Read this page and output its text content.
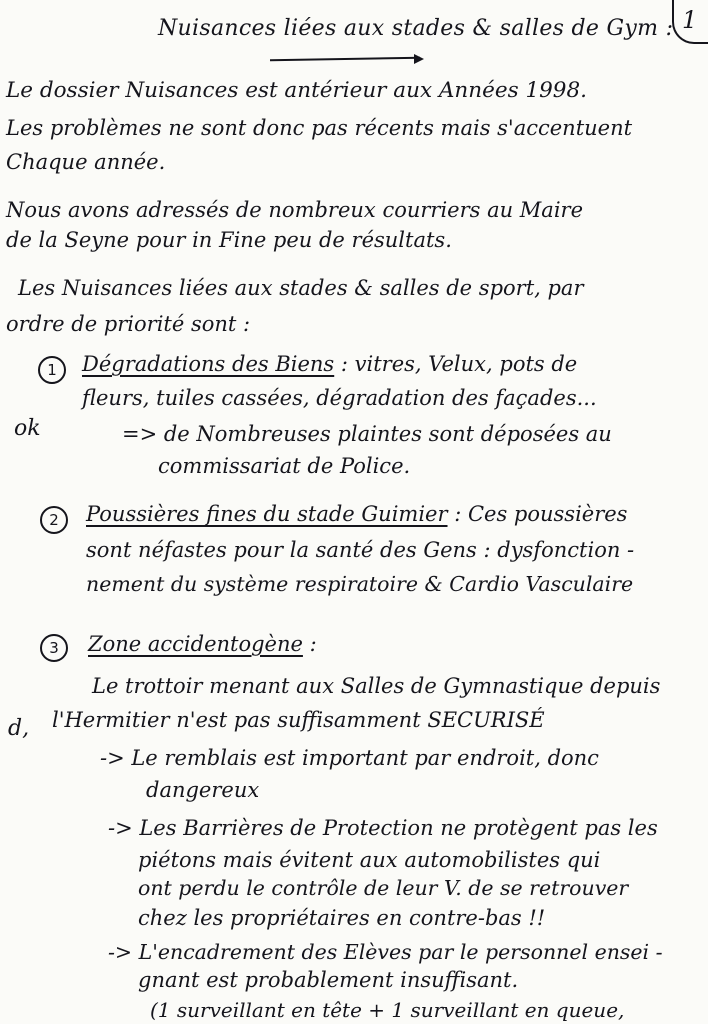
1
Nuisances liées aux stades & salles de Gym :
Le dossier Nuisances est antérieur aux Années 1998.
Les problèmes ne sont donc pas récents mais s'accentuent
Chaque année.
Nous avons adressés de nombreux courriers au Maire
de la Seyne pour in Fine peu de résultats.
Les Nuisances liées aux stades & salles de sport, par
ordre de priorité sont :
1	Dégradations des Biens : vitres, Velux, pots de
fleurs, tuiles cassées, dégradation des façades...
ok	=> de Nombreuses plaintes sont déposées au
commissariat de Police.
2	Poussières fines du stade Guimier : Ces poussières
sont néfastes pour la santé des Gens : dysfonction -
nement du système respiratoire & Cardio Vasculaire
3	Zone accidentogène :
Le trottoir menant aux Salles de Gymnastique depuis
d, l'Hermitier n'est pas suffisamment SECURISÉ
-> Le remblais est important par endroit, donc
dangereux
-> Les Barrières de Protection ne protègent pas les
piétons mais évitent aux automobilistes qui
ont perdu le contrôle de leur V. de se retrouver
chez les propriétaires en contre-bas !!
-> L'encadrement des Elèves par le personnel ensei -
gnant est probablement insuffisant.
(1 surveillant en tête + 1 surveillant en queue,
